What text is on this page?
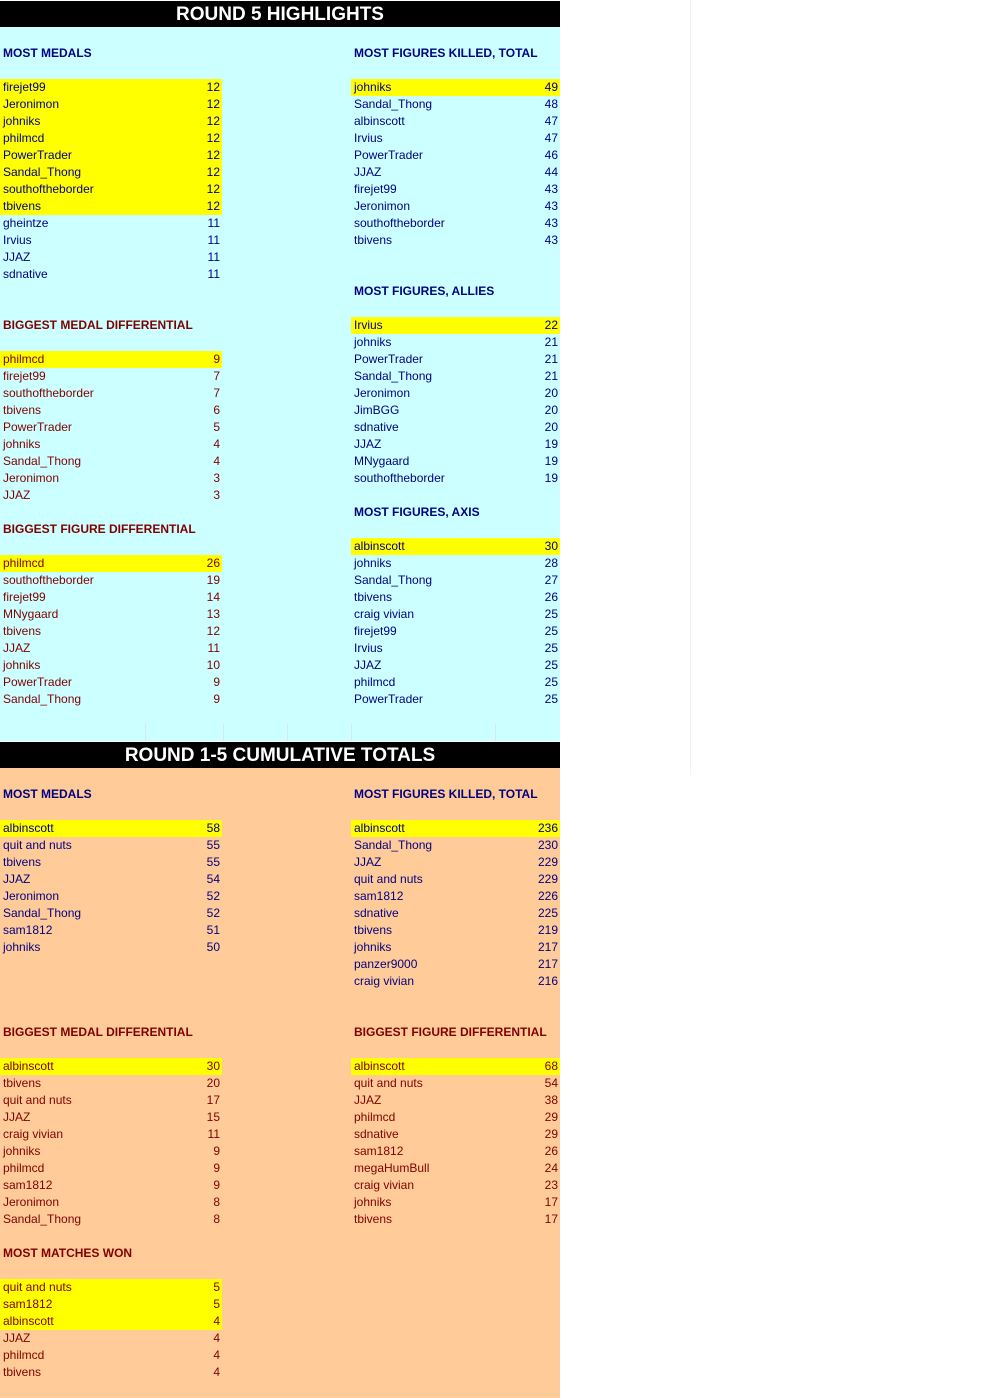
ROUND 5 HIGHLIGHTS
MOST MEDALS
firejet99	12
Jeronimon	12
johniks	12
philmcd	12
PowerTrader	12
Sandal_Thong	12
southoftheborder	12
tbivens	12
gheintze	11
Irvius	11
JJAZ	11
sdnative	11
MOST FIGURES KILLED, TOTAL
johniks	49
Sandal_Thong	48
albinscott	47
Irvius	47
PowerTrader	46
JJAZ	44
firejet99	43
Jeronimon	43
southoftheborder	43
tbivens	43
BIGGEST MEDAL DIFFERENTIAL
philmcd	9
firejet99	7
southoftheborder	7
tbivens	6
PowerTrader	5
johniks	4
Sandal_Thong	4
Jeronimon	3
JJAZ	3
MOST FIGURES, ALLIES
Irvius	22
johniks	21
PowerTrader	21
Sandal_Thong	21
Jeronimon	20
JimBGG	20
sdnative	20
JJAZ	19
MNygaard	19
southoftheborder	19
BIGGEST FIGURE DIFFERENTIAL
philmcd	26
southoftheborder	19
firejet99	14
MNygaard	13
tbivens	12
JJAZ	11
johniks	10
PowerTrader	9
Sandal_Thong	9
MOST FIGURES, AXIS
albinscott	30
johniks	28
Sandal_Thong	27
tbivens	26
craig vivian	25
firejet99	25
Irvius	25
JJAZ	25
philmcd	25
PowerTrader	25
ROUND 1-5 CUMULATIVE TOTALS
MOST MEDALS
albinscott	58
quit and nuts	55
tbivens	55
JJAZ	54
Jeronimon	52
Sandal_Thong	52
sam1812	51
johniks	50
MOST FIGURES KILLED, TOTAL
albinscott	236
Sandal_Thong	230
JJAZ	229
quit and nuts	229
sam1812	226
sdnative	225
tbivens	219
johniks	217
panzer9000	217
craig vivian	216
BIGGEST MEDAL DIFFERENTIAL
albinscott	30
tbivens	20
quit and nuts	17
JJAZ	15
craig vivian	11
johniks	9
philmcd	9
sam1812	9
Jeronimon	8
Sandal_Thong	8
BIGGEST FIGURE DIFFERENTIAL
albinscott	68
quit and nuts	54
JJAZ	38
philmcd	29
sdnative	29
sam1812	26
megaHumBull	24
craig vivian	23
johniks	17
tbivens	17
MOST MATCHES WON
quit and nuts	5
sam1812	5
albinscott	4
JJAZ	4
philmcd	4
tbivens	4
